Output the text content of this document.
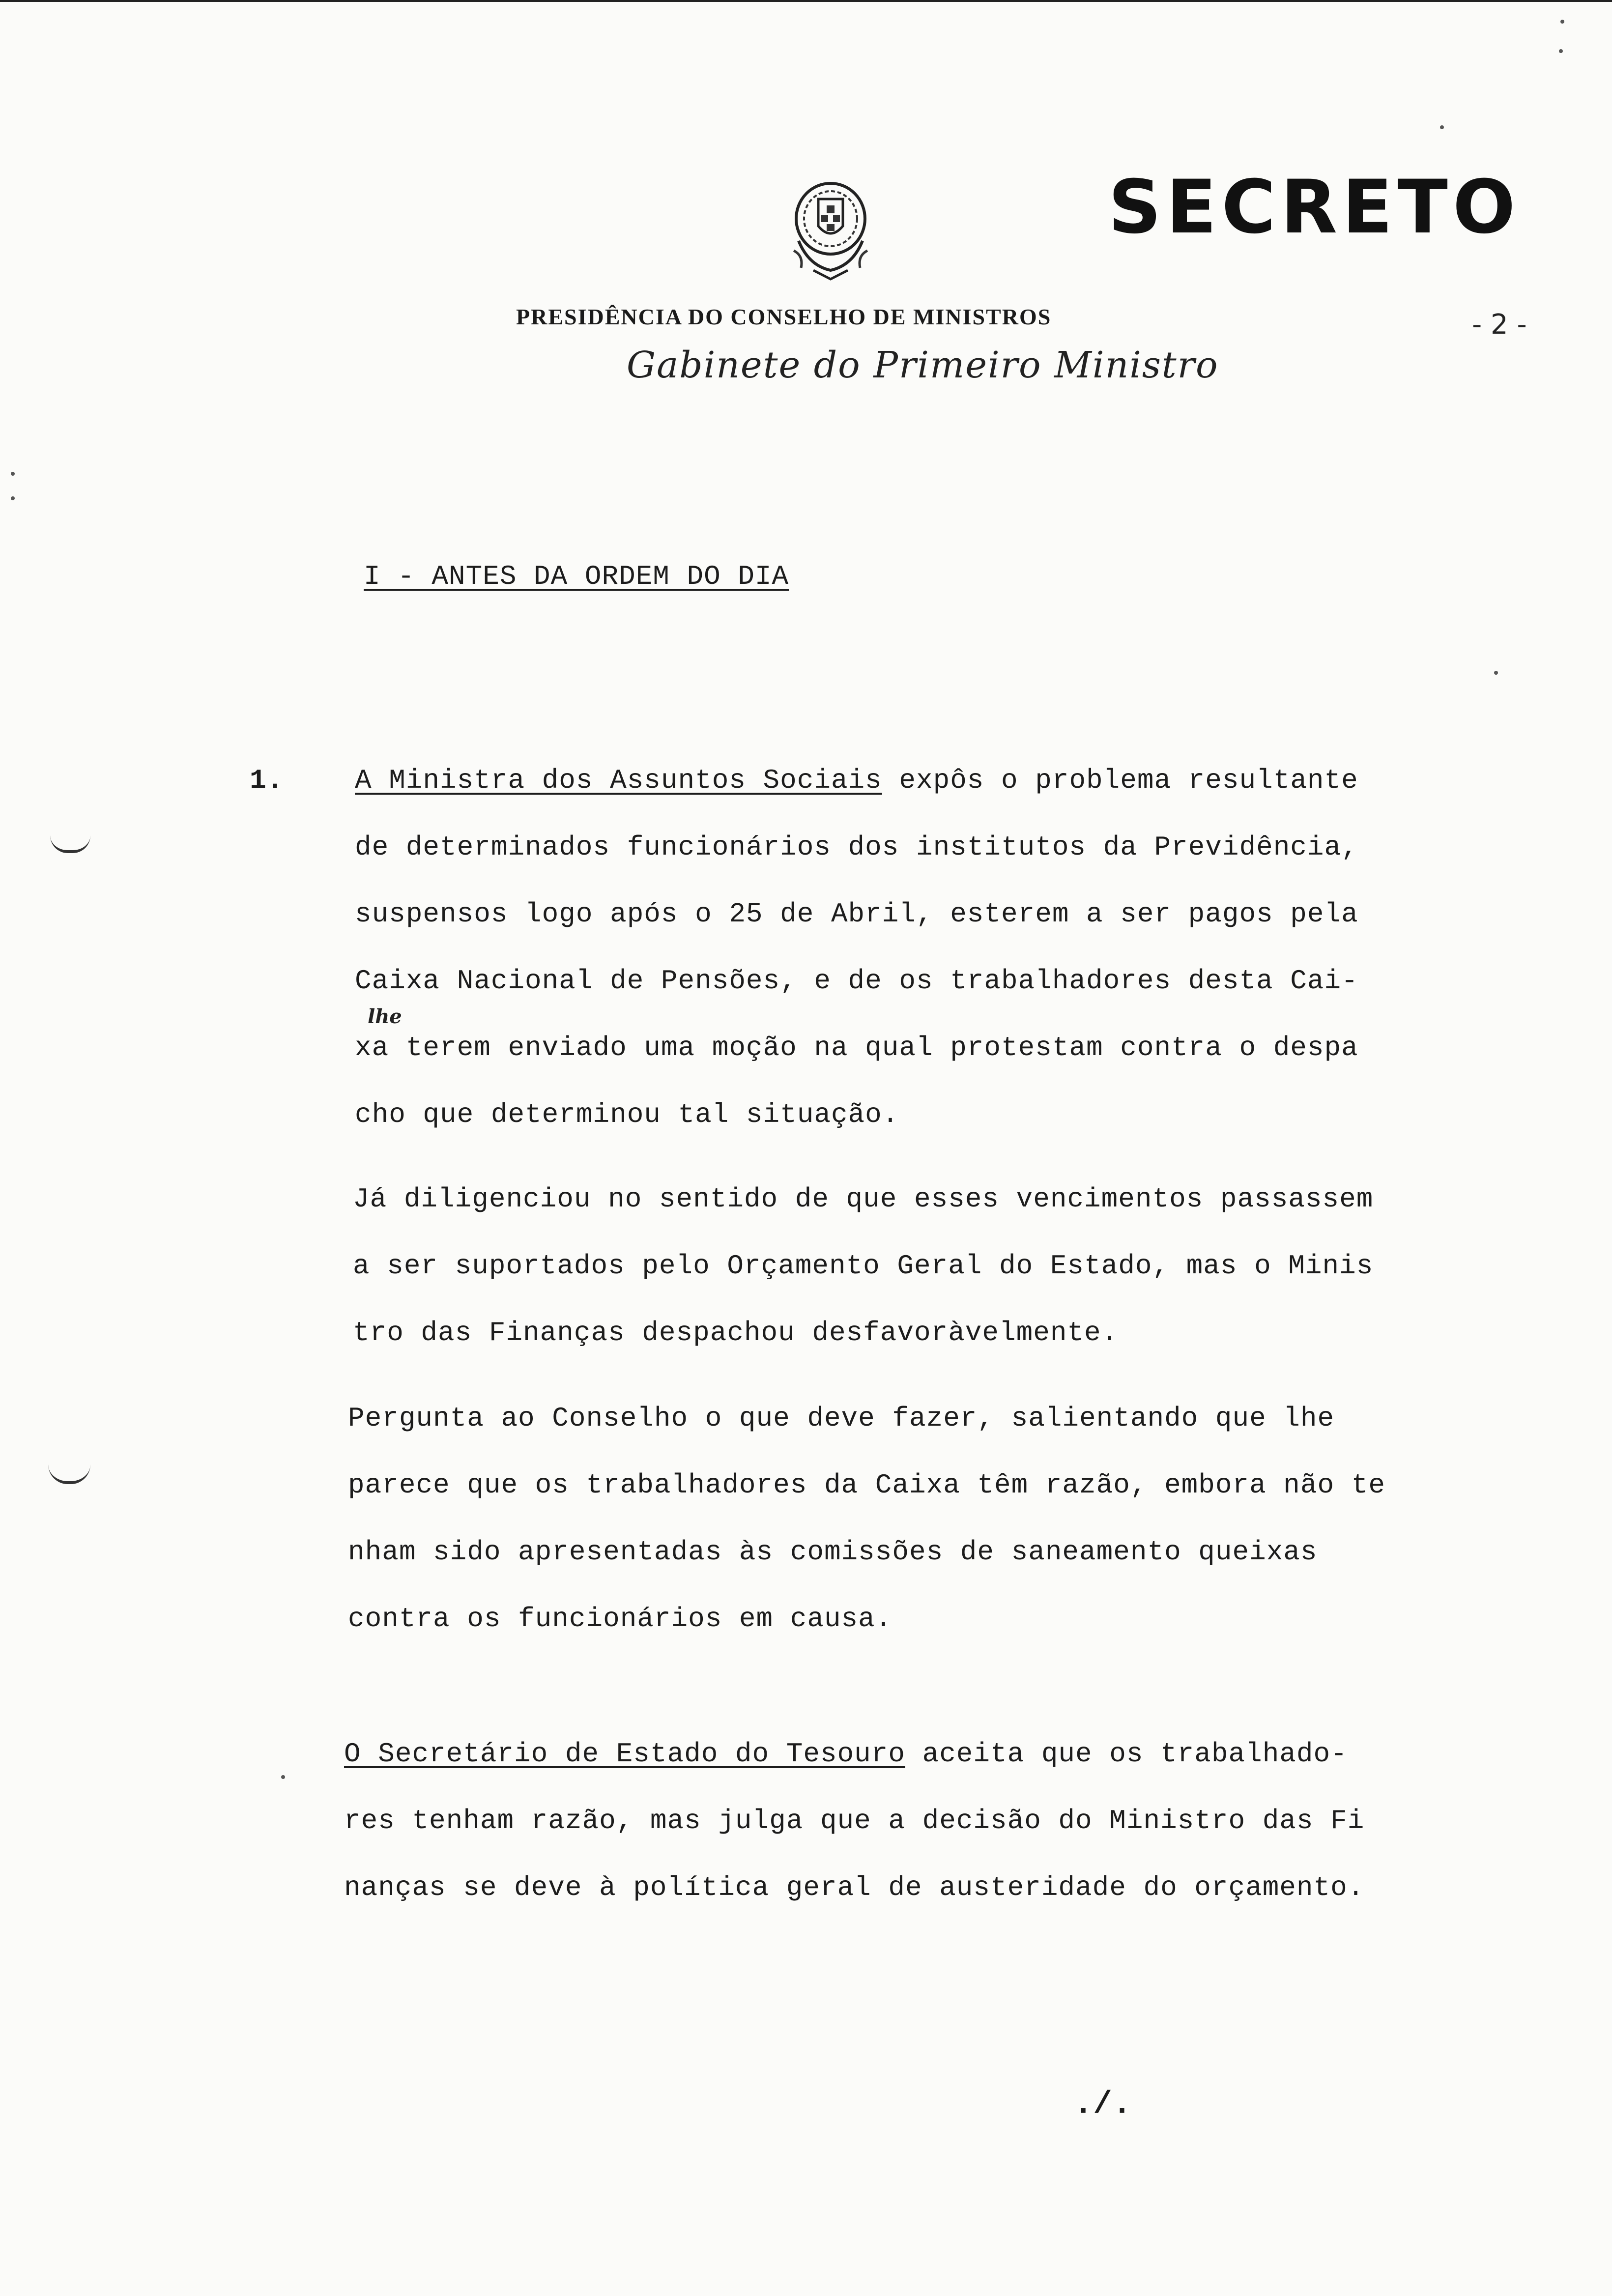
SECRETO
PRESIDÊNCIA DO CONSELHO DE MINISTROS	- 2 -
Gabinete do Primeiro Ministro
I - ANTES DA ORDEM DO DIA
1.	A Ministra dos Assuntos Sociais expôs o problema resultante
de determinados funcionários dos institutos da Previdência,
suspensos logo após o 25 de Abril, esterem a ser pagos pela
Caixa Nacional de Pensões, e de os trabalhadores desta Cai-
xa terem enviado uma moção na qual protestam contra o despa
cho que determinou tal situação.
lhe
Já diligenciou no sentido de que esses vencimentos passassem
a ser suportados pelo Orçamento Geral do Estado, mas o Minis
tro das Finanças despachou desfavoràvelmente.
Pergunta ao Conselho o que deve fazer, salientando que lhe
parece que os trabalhadores da Caixa têm razão, embora não te
nham sido apresentadas às comissões de saneamento queixas
contra os funcionários em causa.
O Secretário de Estado do Tesouro aceita que os trabalhado-
res tenham razão, mas julga que a decisão do Ministro das Fi
nanças se deve à política geral de austeridade do orçamento.
./.
